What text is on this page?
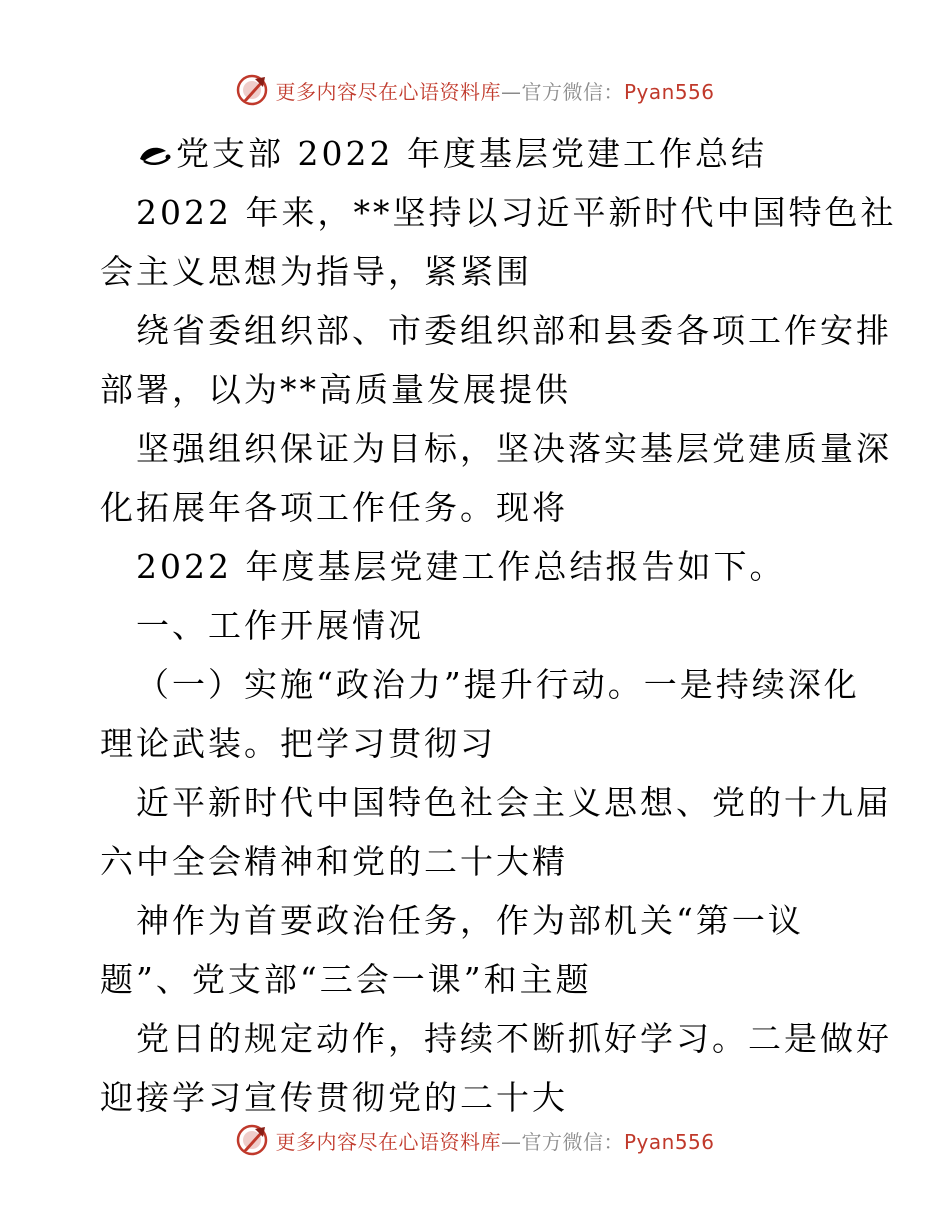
更多内容尽在心语资料库—官方微信：Pyan556
党支部 2022 年度基层党建工作总结
2022 年来，**坚持以习近平新时代中国特色社
会主义思想为指导，紧紧围
绕省委组织部、市委组织部和县委各项工作安排
部署，以为**高质量发展提供
坚强组织保证为目标，坚决落实基层党建质量深
化拓展年各项工作任务。现将
2022 年度基层党建工作总结报告如下。
一、工作开展情况
（一）实施“政治力”提升行动。一是持续深化
理论武装。把学习贯彻习
近平新时代中国特色社会主义思想、党的十九届
六中全会精神和党的二十大精
神作为首要政治任务，作为部机关“第一议
题”、党支部“三会一课”和主题
党日的规定动作，持续不断抓好学习。二是做好
迎接学习宣传贯彻党的二十大
更多内容尽在心语资料库—官方微信：Pyan556
